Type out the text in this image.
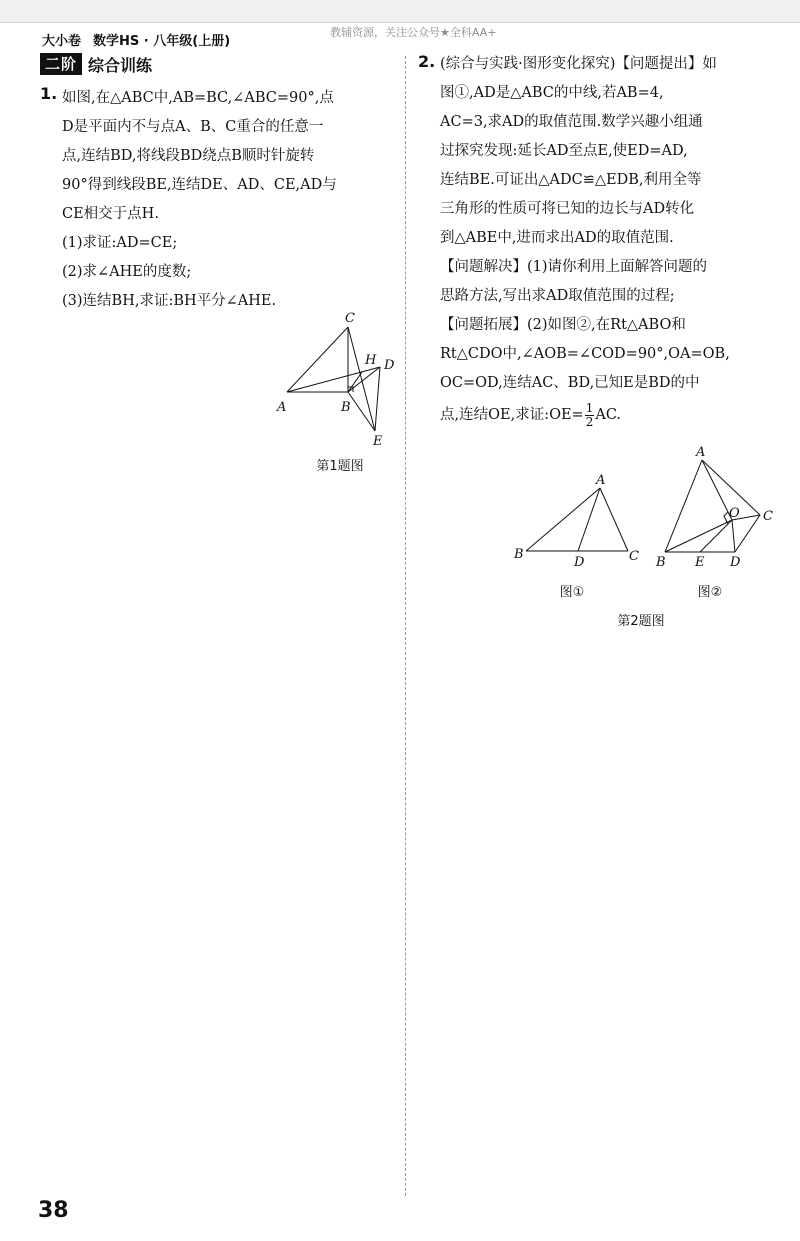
大小卷 数学HS · 八年级(上册)
教辅资源，关注公众号★全科AA+
二阶 综合训练
1. 如图,在△ABC中,AB=BC,∠ABC=90°,点
D是平面内不与点A、B、C重合的任意一
点,连结BD,将线段BD绕点B顺时针旋转
90°得到线段BE,连结DE、AD、CE,AD与
CE相交于点H.
(1)求证:AD=CE;
(2)求∠AHE的度数;
(3)连结BH,求证:BH平分∠AHE.
A	B
C
D
E
H
第1题图
2. (综合与实践·图形变化探究)【问题提出】如
图①,AD是△ABC的中线,若AB=4,
AC=3,求AD的取值范围.数学兴趣小组通
过探究发现:延长AD至点E,使ED=AD,
连结BE.可证出△ADC≌△EDB,利用全等
三角形的性质可将已知的边长与AD转化
到△ABE中,进而求出AD的取值范围.
【问题解决】(1)请你利用上面解答问题的
思路方法,写出求AD取值范围的过程;
【问题拓展】(2)如图②,在Rt△ABO和
Rt△CDO中,∠AOB=∠COD=90°,OA=OB,
OC=OD,连结AC、BD,已知E是BD的中
点,连结OE,求证:OE= $\frac{1}{2}$ AC.
B
A
C
D
A
B
C
D
E
O
图①	图②
第2题图
38
